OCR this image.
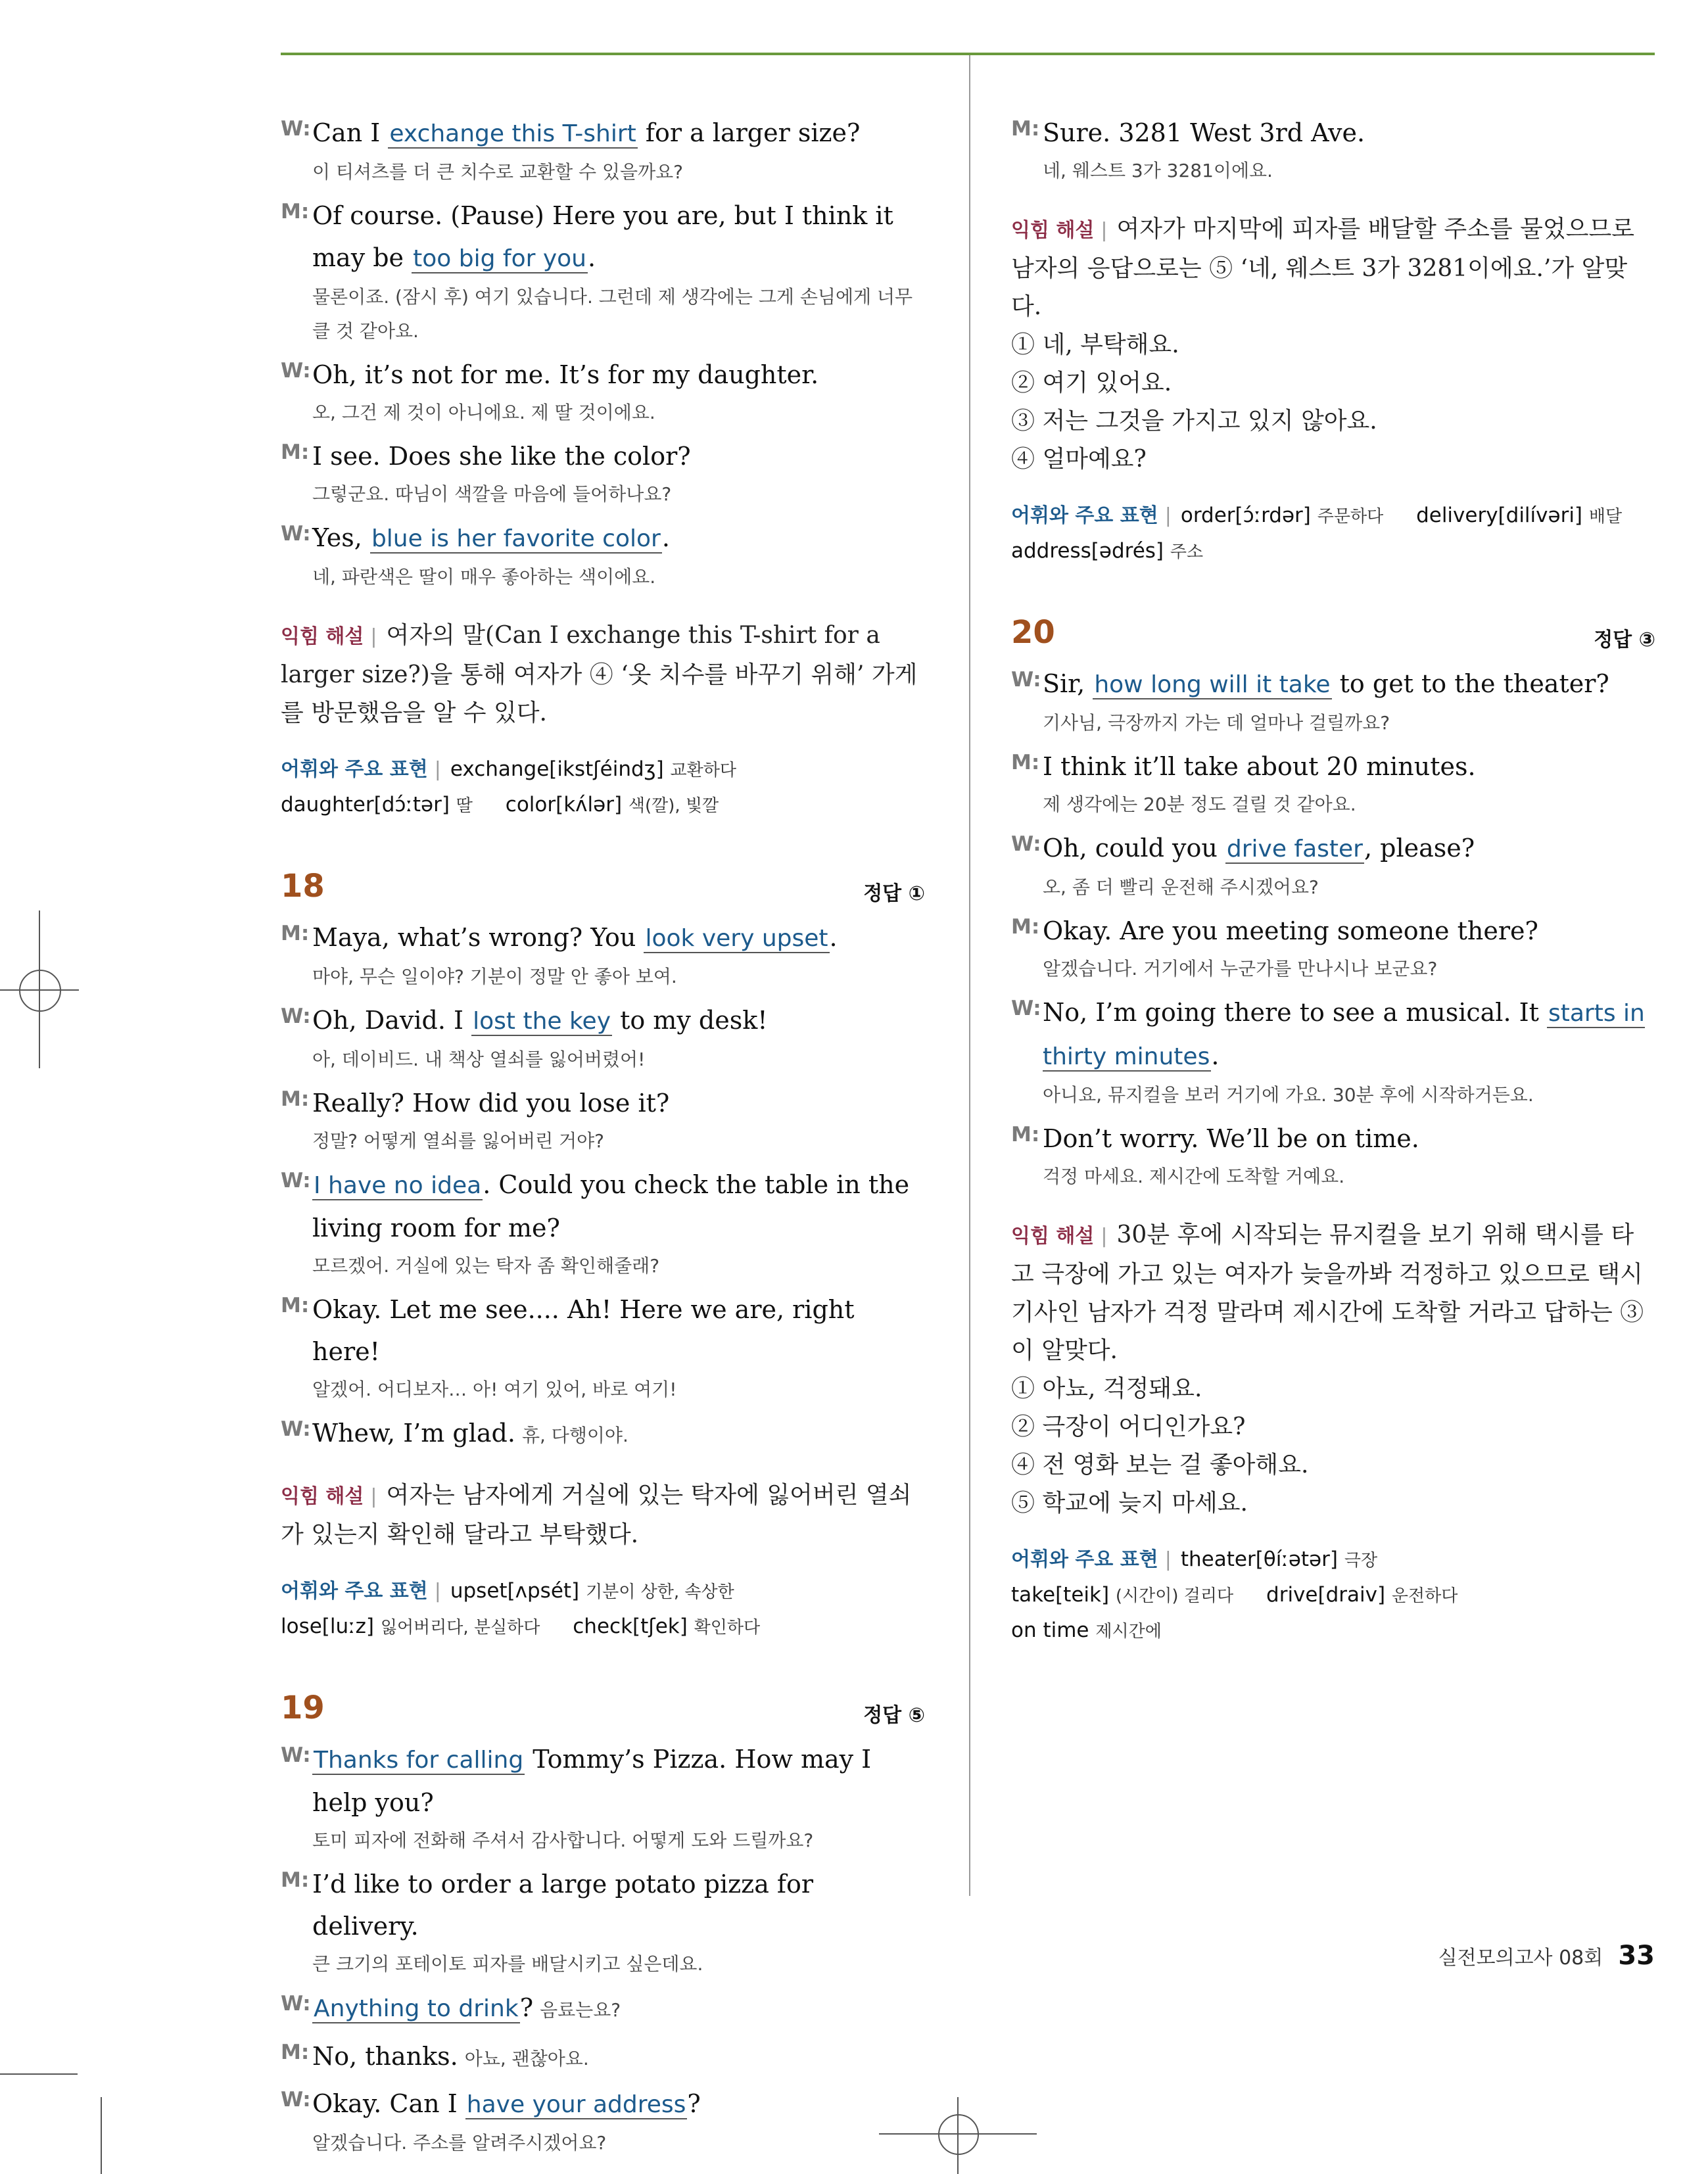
W: Can I exchange this T-shirt for a larger size?
이 티셔츠를 더 큰 치수로 교환할 수 있을까요?
M: Of course. (Pause) Here you are, but I think it may be too big for you.
물론이죠. (잠시 후) 여기 있습니다. 그런데 제 생각에는 그게 손님에게 너무 클 것 같아요.
W: Oh, it’s not for me. It’s for my daughter.
오, 그건 제 것이 아니에요. 제 딸 것이에요.
M: I see. Does she like the color?
그렇군요. 따님이 색깔을 마음에 들어하나요?
W: Yes, blue is her favorite color.
네, 파란색은 딸이 매우 좋아하는 색이에요.
익힘 해설 | 여자의 말(Can I exchange this T-shirt for a larger size?)을 통해 여자가 ④ ‘옷 치수를 바꾸기 위해’ 가게를 방문했음을 알 수 있다.
어휘와 주요 표현 | exchange[ikstʃéindʒ] 교환하다 daughter[dɔ́ːtər] 딸 color[kʌ́lər] 색(깔), 빛깔
18	정답 ①
M: Maya, what’s wrong? You look very upset.
마야, 무슨 일이야? 기분이 정말 안 좋아 보여.
W: Oh, David. I lost the key to my desk!
아, 데이비드. 내 책상 열쇠를 잃어버렸어!
M: Really? How did you lose it?
정말? 어떻게 열쇠를 잃어버린 거야?
W: I have no idea. Could you check the table in the living room for me?
모르겠어. 거실에 있는 탁자 좀 확인해줄래?
M: Okay. Let me see.... Ah! Here we are, right here!
알겠어. 어디보자… 아! 여기 있어, 바로 여기!
W: Whew, I’m glad. 휴, 다행이야.
익힘 해설 | 여자는 남자에게 거실에 있는 탁자에 잃어버린 열쇠가 있는지 확인해 달라고 부탁했다.
어휘와 주요 표현 | upset[ʌpsét] 기분이 상한, 속상한 lose[luːz] 잃어버리다, 분실하다 check[tʃek] 확인하다
19	정답 ⑤
W: Thanks for calling Tommy’s Pizza. How may I help you?
토미 피자에 전화해 주셔서 감사합니다. 어떻게 도와 드릴까요?
M: I’d like to order a large potato pizza for delivery.
큰 크기의 포테이토 피자를 배달시키고 싶은데요.
W: Anything to drink? 음료는요?
M: No, thanks. 아뇨, 괜찮아요.
W: Okay. Can I have your address?
알겠습니다. 주소를 알려주시겠어요?
M: Sure. 3281 West 3rd Ave.
네, 웨스트 3가 3281이에요.
익힘 해설 | 여자가 마지막에 피자를 배달할 주소를 물었으므로 남자의 응답으로는 ⑤ ‘네, 웨스트 3가 3281이에요.’가 알맞다.
① 네, 부탁해요.
② 여기 있어요.
③ 저는 그것을 가지고 있지 않아요.
④ 얼마예요?
어휘와 주요 표현 | order[ɔ́ːrdər] 주문하다 delivery[dilívəri] 배달 address[ədrés] 주소
20	정답 ③
W: Sir, how long will it take to get to the theater?
기사님, 극장까지 가는 데 얼마나 걸릴까요?
M: I think it’ll take about 20 minutes.
제 생각에는 20분 정도 걸릴 것 같아요.
W: Oh, could you drive faster, please?
오, 좀 더 빨리 운전해 주시겠어요?
M: Okay. Are you meeting someone there?
알겠습니다. 거기에서 누군가를 만나시나 보군요?
W: No, I’m going there to see a musical. It starts in thirty minutes.
아니요, 뮤지컬을 보러 거기에 가요. 30분 후에 시작하거든요.
M: Don’t worry. We’ll be on time.
걱정 마세요. 제시간에 도착할 거예요.
익힘 해설 | 30분 후에 시작되는 뮤지컬을 보기 위해 택시를 타고 극장에 가고 있는 여자가 늦을까봐 걱정하고 있으므로 택시 기사인 남자가 걱정 말라며 제시간에 도착할 거라고 답하는 ③이 알맞다.
① 아뇨, 걱정돼요.
② 극장이 어디인가요?
④ 전 영화 보는 걸 좋아해요.
⑤ 학교에 늦지 마세요.
어휘와 주요 표현 | theater[θíːətər] 극장 take[teik] (시간이) 걸리다 drive[draiv] 운전하다 on time 제시간에
실전모의고사 08회 33
